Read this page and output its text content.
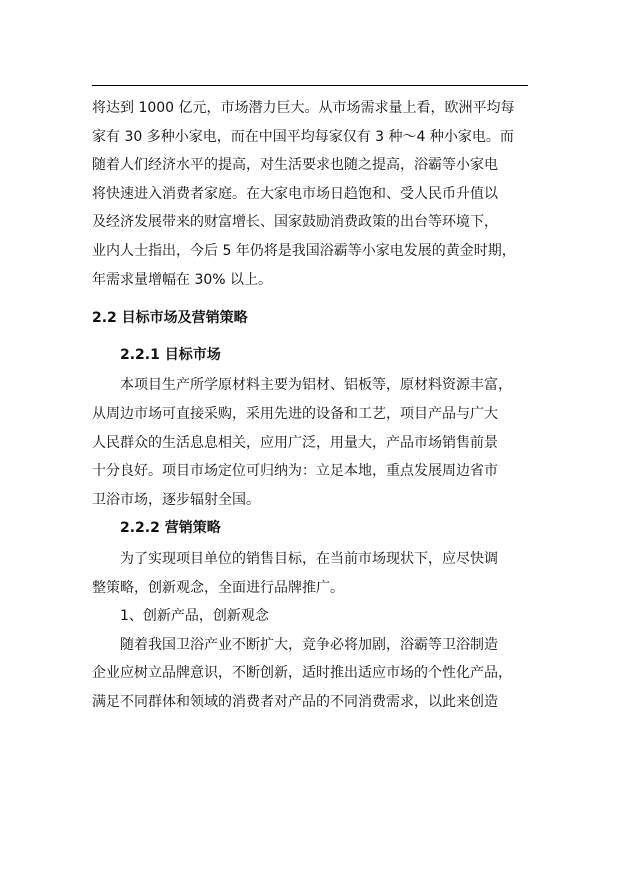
将达到 1000 亿元，市场潜力巨大。从市场需求量上看，欧洲平均每
家有 30 多种小家电，而在中国平均每家仅有 3 种～4 种小家电。而
随着人们经济水平的提高，对生活要求也随之提高，浴霸等小家电
将快速进入消费者家庭。在大家电市场日趋饱和、受人民币升值以
及经济发展带来的财富增长、国家鼓励消费政策的出台等环境下，
业内人士指出，今后 5 年仍将是我国浴霸等小家电发展的黄金时期，
年需求量增幅在 30% 以上。
2.2 目标市场及营销策略
2.2.1 目标市场
本项目生产所学原材料主要为铝材、铝板等，原材料资源丰富，
从周边市场可直接采购，采用先进的设备和工艺，项目产品与广大
人民群众的生活息息相关，应用广泛，用量大，产品市场销售前景
十分良好。项目市场定位可归纳为：立足本地，重点发展周边省市
卫浴市场，逐步辐射全国。
2.2.2 营销策略
为了实现项目单位的销售目标，在当前市场现状下，应尽快调
整策略，创新观念，全面进行品牌推广。
1、创新产品，创新观念
随着我国卫浴产业不断扩大，竞争必将加剧，浴霸等卫浴制造
企业应树立品牌意识，不断创新，适时推出适应市场的个性化产品，
满足不同群体和领域的消费者对产品的不同消费需求，以此来创造
